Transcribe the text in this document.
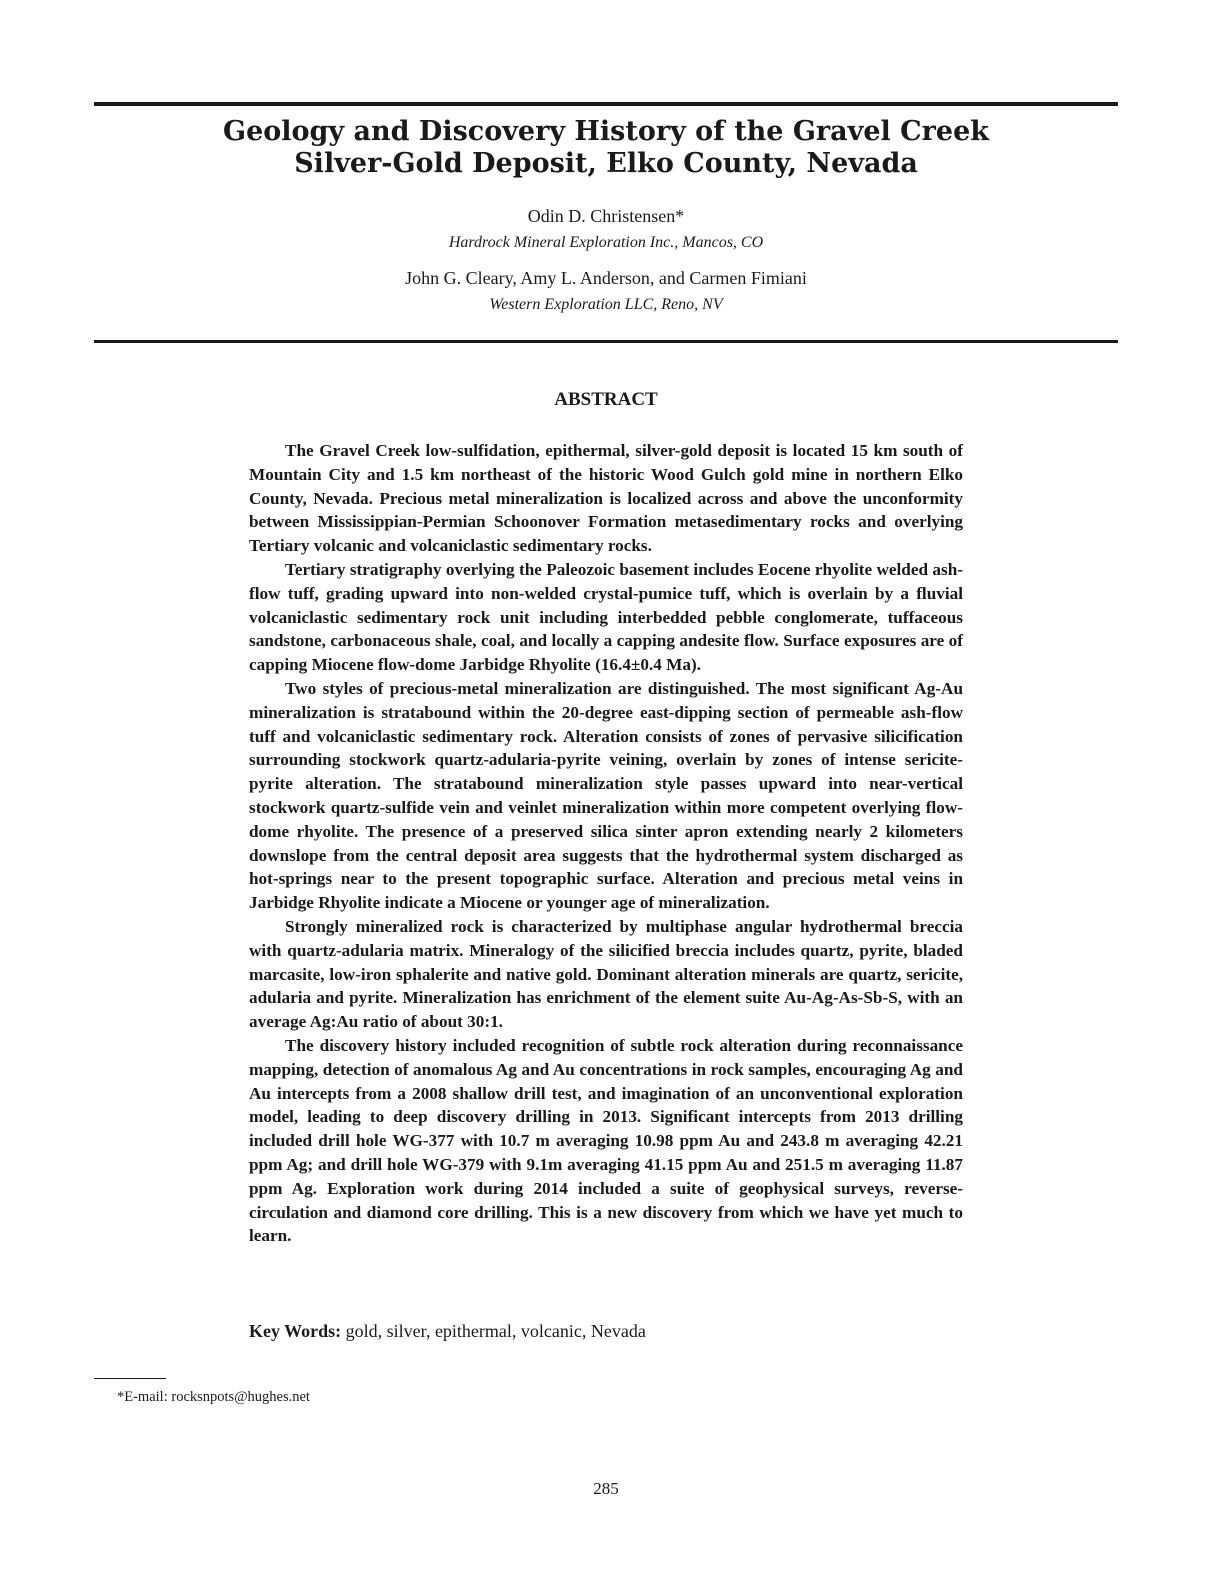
Geology and Discovery History of the Gravel Creek
Silver-Gold Deposit, Elko County, Nevada
Odin D. Christensen*
Hardrock Mineral Exploration Inc., Mancos, CO
John G. Cleary, Amy L. Anderson, and Carmen Fimiani
Western Exploration LLC, Reno, NV
ABSTRACT

The Gravel Creek low-sulfidation, epithermal, silver-gold deposit is located 15 km south of Mountain City and 1.5 km northeast of the historic Wood Gulch gold mine in northern Elko County, Nevada. Precious metal mineralization is localized across and above the unconformity between Mississippian-Permian Schoonover Formation metasedimentary rocks and overlying Tertiary volcanic and volcaniclastic sedimentary rocks.

Tertiary stratigraphy overlying the Paleozoic basement includes Eocene rhyolite welded ash-flow tuff, grading upward into non-welded crystal-pumice tuff, which is overlain by a fluvial volcaniclastic sedimentary rock unit including interbedded pebble conglomerate, tuffaceous sandstone, carbonaceous shale, coal, and locally a capping andesite flow. Surface exposures are of capping Miocene flow-dome Jarbidge Rhyolite (16.4±0.4 Ma).

Two styles of precious-metal mineralization are distinguished. The most significant Ag-Au mineralization is stratabound within the 20-degree east-dipping section of permeable ash-flow tuff and volcaniclastic sedimentary rock. Alteration consists of zones of pervasive silicification surrounding stockwork quartz-adularia-pyrite veining, overlain by zones of intense sericite-pyrite alteration. The stratabound mineralization style passes upward into near-vertical stockwork quartz-sulfide vein and veinlet mineralization within more competent overlying flow-dome rhyolite. The presence of a preserved silica sinter apron extending nearly 2 kilometers downslope from the central deposit area suggests that the hydrothermal system discharged as hot-springs near to the present topographic surface. Alteration and precious metal veins in Jarbidge Rhyolite indicate a Miocene or younger age of mineralization.

Strongly mineralized rock is characterized by multiphase angular hydrothermal breccia with quartz-adularia matrix. Mineralogy of the silicified breccia includes quartz, pyrite, bladed marcasite, low-iron sphalerite and native gold. Dominant alteration minerals are quartz, sericite, adularia and pyrite. Mineralization has enrichment of the element suite Au-Ag-As-Sb-S, with an average Ag:Au ratio of about 30:1.

The discovery history included recognition of subtle rock alteration during reconnaissance mapping, detection of anomalous Ag and Au concentrations in rock samples, encouraging Ag and Au intercepts from a 2008 shallow drill test, and imagination of an unconventional exploration model, leading to deep discovery drilling in 2013. Significant intercepts from 2013 drilling included drill hole WG-377 with 10.7 m averaging 10.98 ppm Au and 243.8 m averaging 42.21 ppm Ag; and drill hole WG-379 with 9.1m averaging 41.15 ppm Au and 251.5 m averaging 11.87 ppm Ag. Exploration work during 2014 included a suite of geophysical surveys, reverse-circulation and diamond core drilling. This is a new discovery from which we have yet much to learn.

Key Words: gold, silver, epithermal, volcanic, Nevada
*E-mail: rocksnpots@hughes.net
285
